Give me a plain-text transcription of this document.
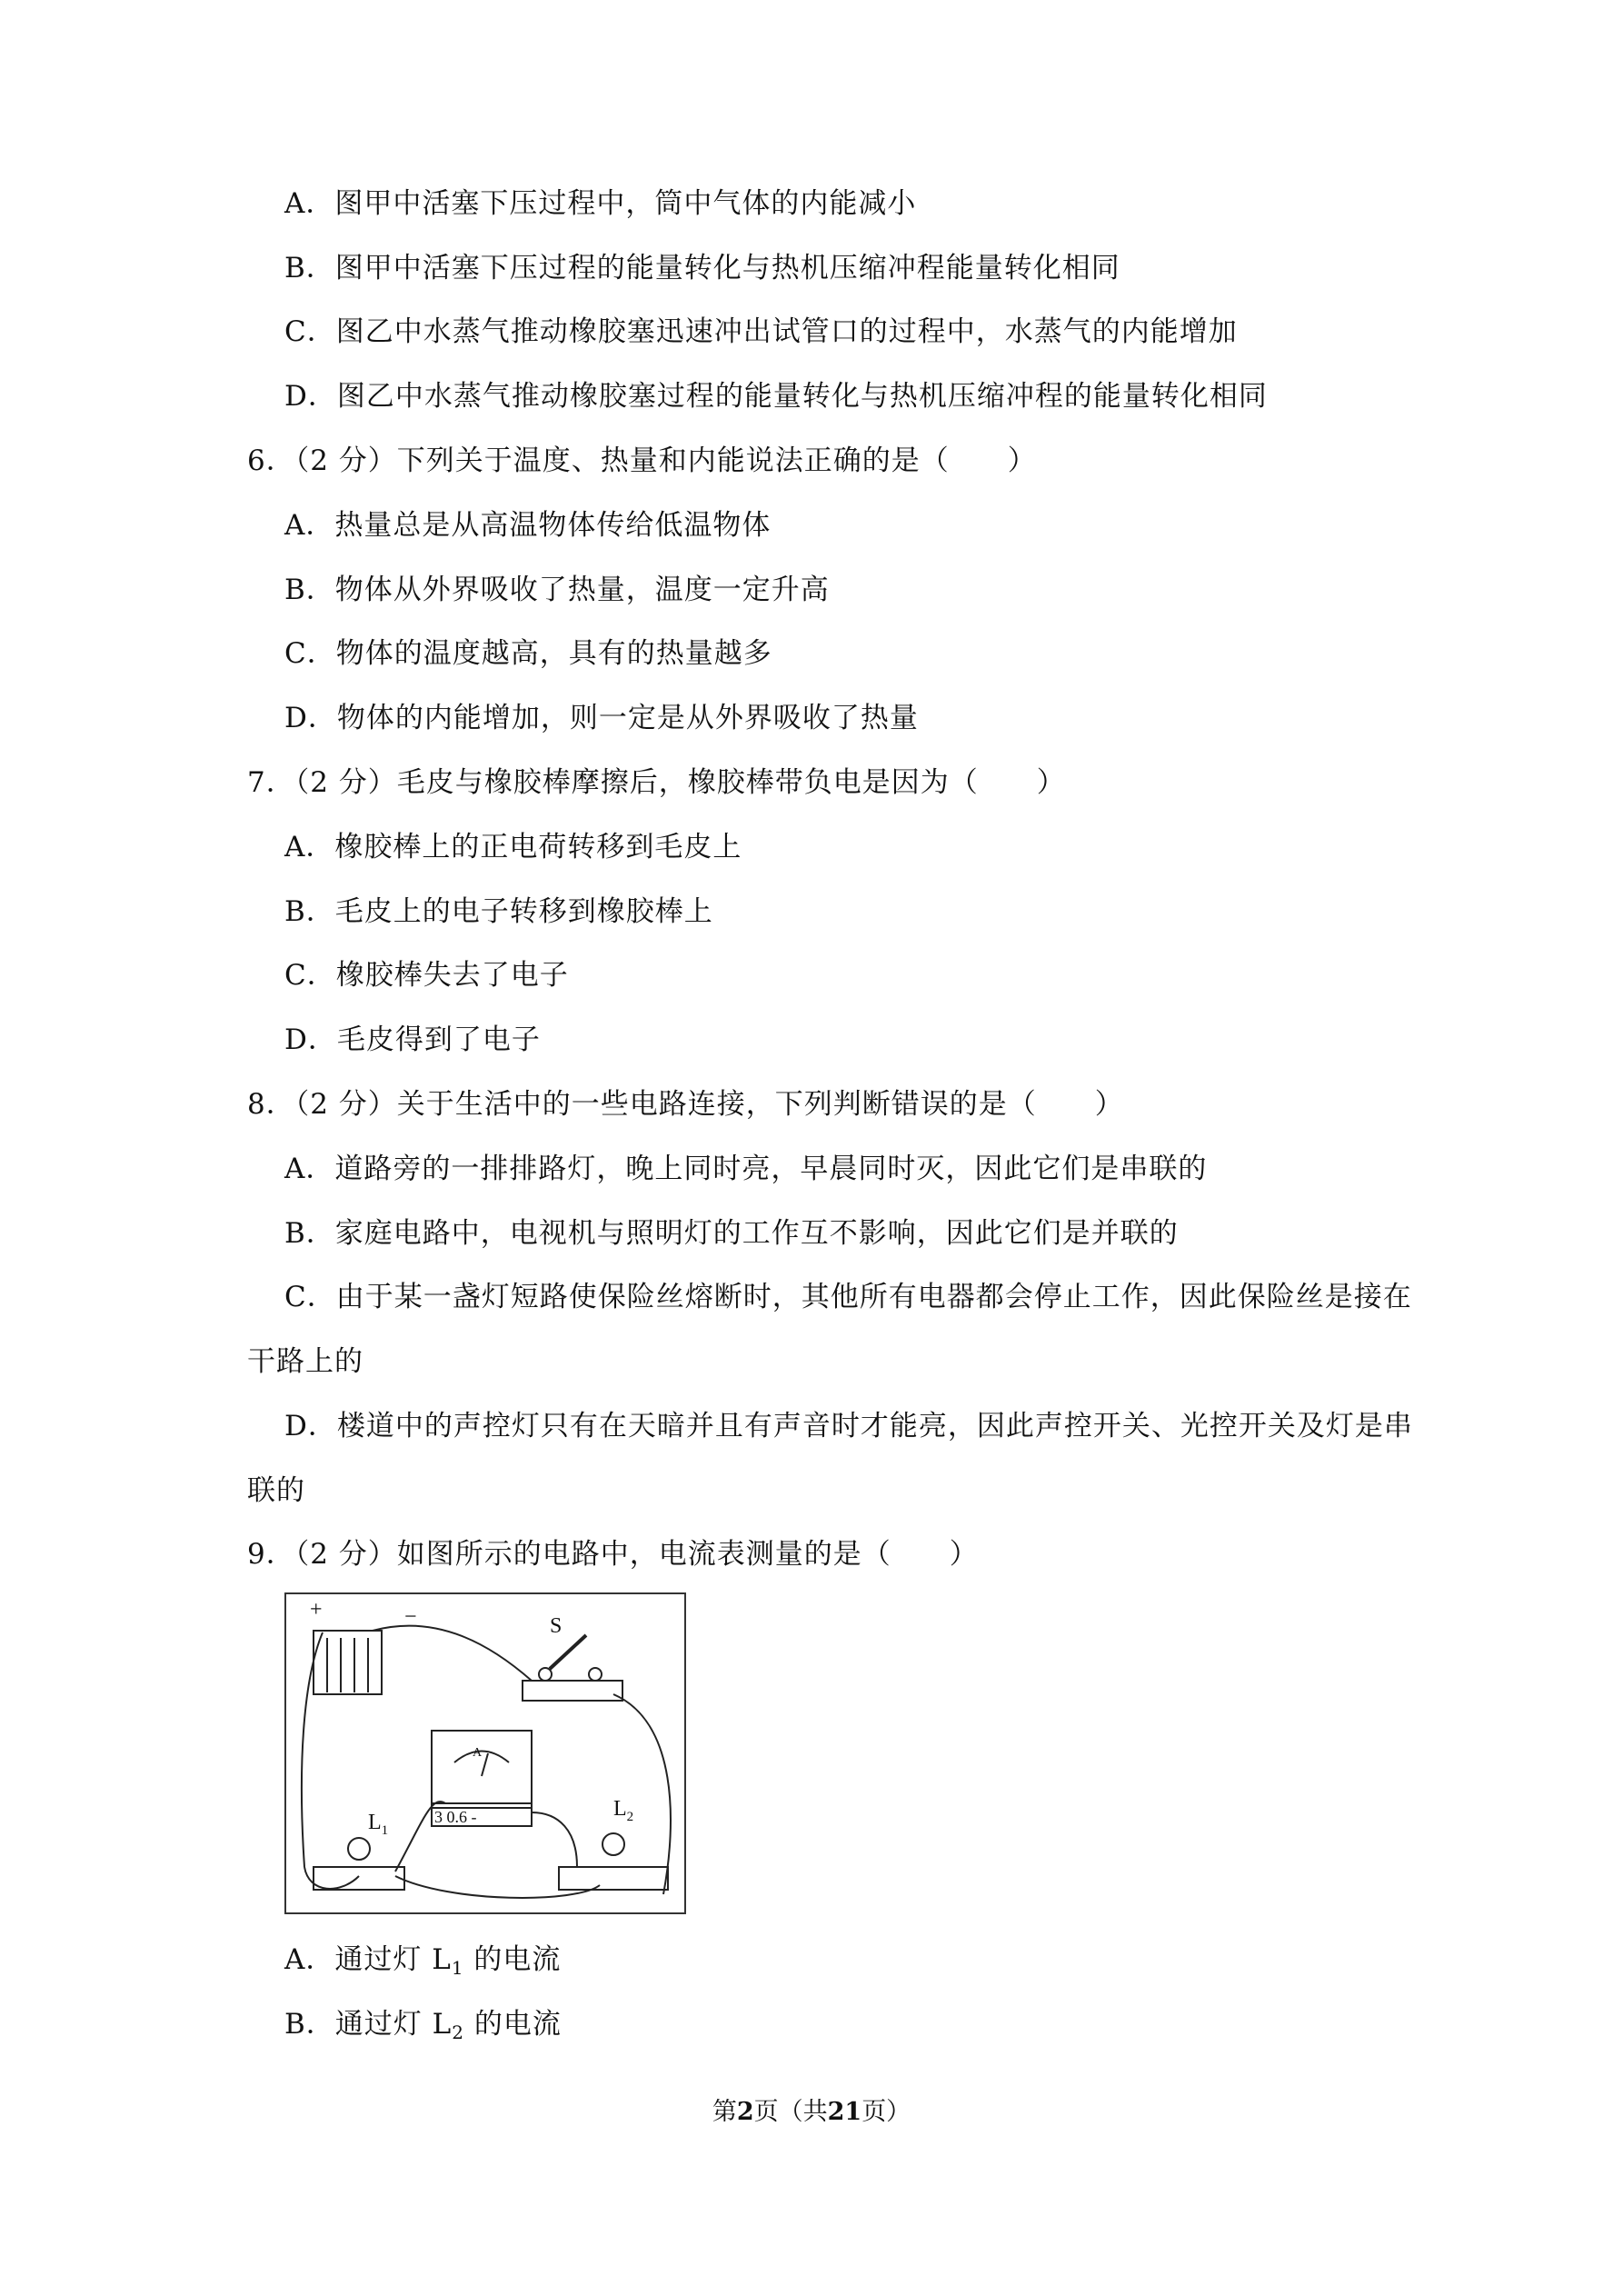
A．图甲中活塞下压过程中，筒中气体的内能减小
B．图甲中活塞下压过程的能量转化与热机压缩冲程能量转化相同
C．图乙中水蒸气推动橡胶塞迅速冲出试管口的过程中，水蒸气的内能增加
D．图乙中水蒸气推动橡胶塞过程的能量转化与热机压缩冲程的能量转化相同
6．（2 分）下列关于温度、热量和内能说法正确的是（　　）
A．热量总是从高温物体传给低温物体
B．物体从外界吸收了热量，温度一定升高
C．物体的温度越高，具有的热量越多
D．物体的内能增加，则一定是从外界吸收了热量
7．（2 分）毛皮与橡胶棒摩擦后，橡胶棒带负电是因为（　　）
A．橡胶棒上的正电荷转移到毛皮上
B．毛皮上的电子转移到橡胶棒上
C．橡胶棒失去了电子
D．毛皮得到了电子
8．（2 分）关于生活中的一些电路连接，下列判断错误的是（　　）
A．道路旁的一排排路灯，晚上同时亮，早晨同时灭，因此它们是串联的
B．家庭电路中，电视机与照明灯的工作互不影响，因此它们是并联的
C．由于某一盏灯短路使保险丝熔断时，其他所有电器都会停止工作，因此保险丝是接在
干路上的
D．楼道中的声控灯只有在天暗并且有声音时才能亮，因此声控开关、光控开关及灯是串
联的
9．（2 分）如图所示的电路中，电流表测量的是（　　）
+	−	S
A
3 0.6 -
$L_1$
$L_2$
A．通过灯 $L_1$ 的电流
B．通过灯 $L_2$ 的电流
第2页（共21页）
